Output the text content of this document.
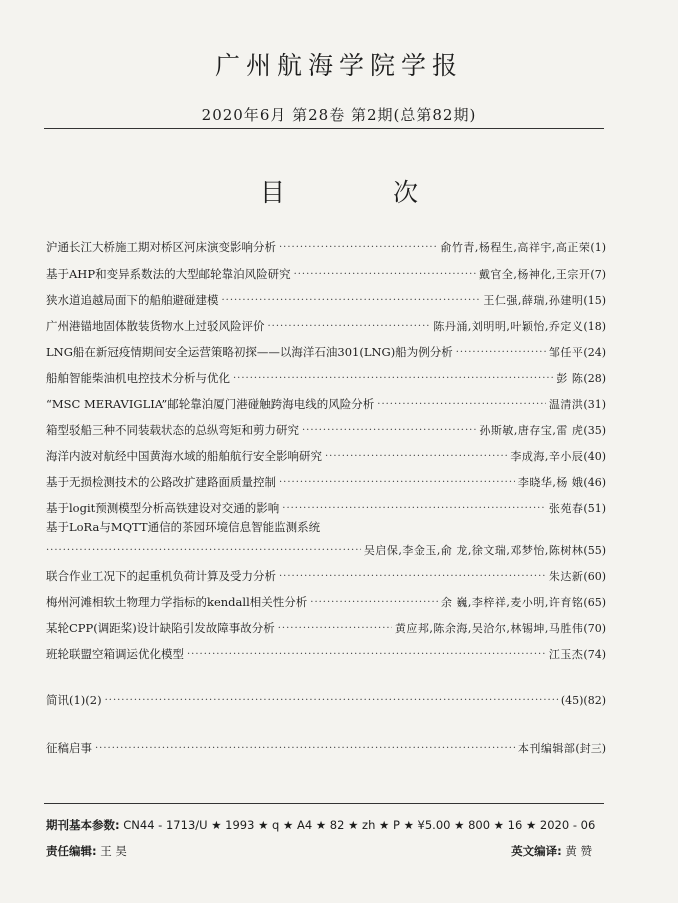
广州航海学院学报
2020年6月 第28卷 第2期(总第82期)
目 次
沪通长江大桥施工期对桥区河床演变影响分析 ·····	俞竹青,杨程生,高祥宇,高正荣 (1)
基于AHP和变异系数法的大型邮轮靠泊风险研究 ·····	戴官全,杨神化,王宗开 (7)
狭水道追越局面下的船舶避碰建模 ·····	王仁强,薛瑞,孙建明 (15)
广州港锚地固体散装货物水上过驳风险评价 ·····	陈丹涌,刘明明,叶颖怡,乔定义 (18)
LNG船在新冠疫情期间安全运营策略初探——以海洋石油301(LNG)船为例分析 ·····	邹任平 (24)
船舶智能柴油机电控技术分析与优化 ·····	彭 陈 (28)
“MSC MERAVIGLIA”邮轮靠泊厦门港碰触跨海电线的风险分析 ·····	温清洪 (31)
箱型驳船三种不同装载状态的总纵弯矩和剪力研究 ·····	孙斯敏,唐存宝,雷 虎 (35)
海洋内波对航经中国黄海水域的船舶航行安全影响研究 ·····	李成海,辛小辰 (40)
基于无损检测技术的公路改扩建路面质量控制 ·····	李晓华,杨 娥 (46)
基于logit预测模型分析高铁建设对交通的影响 ·····	张苑春 (51)
基于LoRa与MQTT通信的茶园环境信息智能监测系统
·····
吴启保,李金玉,俞 龙,徐文瑞,邓梦怡,陈树林 (55)
联合作业工况下的起重机负荷计算及受力分析 ·····	朱达新 (60)
梅州河滩相软土物理力学指标的kendall相关性分析 ·····	余 巍,李梓祥,麦小明,许育铭 (65)
某轮CPP(调距桨)设计缺陷引发故障事故分析 ·····	黄应邦,陈余海,吴洽尔,林锡坤,马胜伟 (70)
班轮联盟空箱调运优化模型 ·····	江玉杰 (74)
简讯(1)(2) ·····	(45)(82)
征稿启事 ·····	本刊编辑部 (封三)
期刊基本参数: CN44 - 1713/U ★ 1993 ★ q ★ A4 ★ 82 ★ zh ★ P ★ ¥5.00 ★ 800 ★ 16 ★ 2020 - 06
责任编辑: 王 昊	英文编译: 黄 赞
